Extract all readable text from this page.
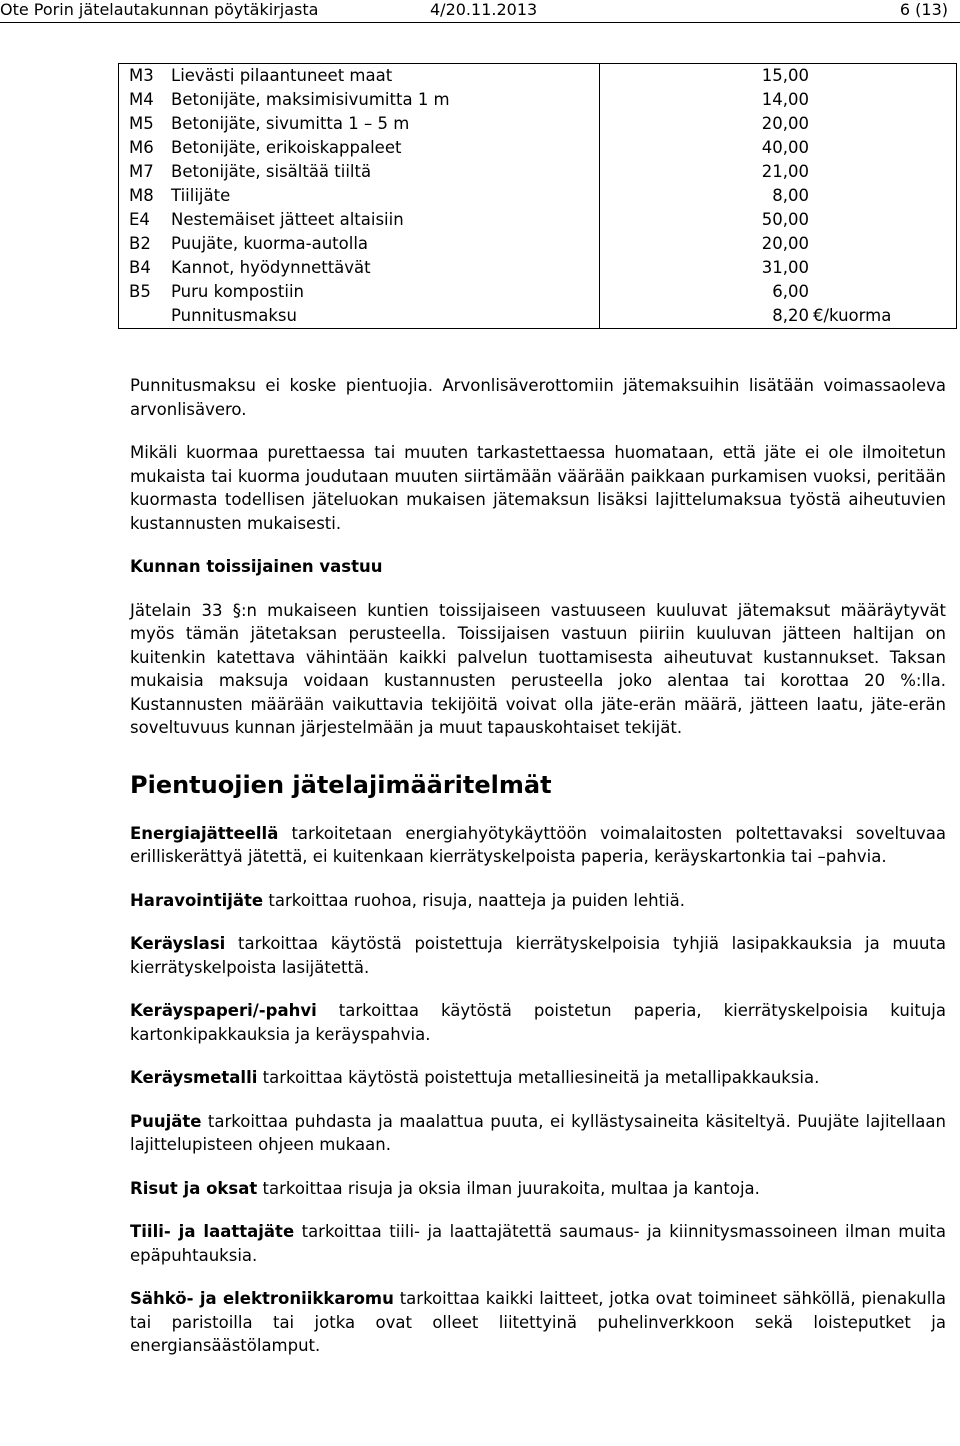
Ote Porin jätelautakunnan pöytäkirjasta	4/20.11.2013	6 (13)
M3 Lievästi pilaantuneet maat	15,00	
M4 Betonijäte, maksimisivumitta 1 m	14,00	
M5 Betonijäte, sivumitta 1 – 5 m	20,00	
M6 Betonijäte, erikoiskappaleet	40,00	
M7 Betonijäte, sisältää tiiltä	21,00	
M8 Tiilijäte	8,00	
E4 Nestemäiset jätteet altaisiin	50,00	
B2 Puujäte, kuorma-autolla	20,00	
B4 Kannot, hyödynnettävät	31,00	
B5 Puru kompostiin	6,00	
Punnitusmaksu	8,20	€/kuorma

Punnitusmaksu ei koske pientuojia. Arvonlisäverottomiin jätemaksuihin lisätään voimassaoleva arvonlisävero.

Mikäli kuormaa purettaessa tai muuten tarkastettaessa huomataan, että jäte ei ole ilmoitetun mukaista tai kuorma joudutaan muuten siirtämään väärään paikkaan purkamisen vuoksi, peritään kuormasta todellisen jäteluokan mukaisen jätemaksun lisäksi lajittelumaksua työstä aiheutuvien kustannusten mukaisesti.

Kunnan toissijainen vastuu

Jätelain 33 §:n mukaiseen kuntien toissijaiseen vastuuseen kuuluvat jätemaksut määräytyvät myös tämän jätetaksan perusteella. Toissijaisen vastuun piiriin kuuluvan jätteen haltijan on kuitenkin katettava vähintään kaikki palvelun tuottamisesta aiheutuvat kustannukset. Taksan mukaisia maksuja voidaan kustannusten perusteella joko alentaa tai korottaa 20 %:lla. Kustannusten määrään vaikuttavia tekijöitä voivat olla jäte-erän määrä, jätteen laatu, jäte-erän soveltuvuus kunnan järjestelmään ja muut tapauskohtaiset tekijät.

Pientuojien jätelajimääritelmät

Energiajätteellä tarkoitetaan energiahyötykäyttöön voimalaitosten poltettavaksi soveltuvaa erilliskerättyä jätettä, ei kuitenkaan kierrätyskelpoista paperia, keräyskartonkia tai –pahvia.

Haravointijäte tarkoittaa ruohoa, risuja, naatteja ja puiden lehtiä.

Keräyslasi tarkoittaa käytöstä poistettuja kierrätyskelpoisia tyhjiä lasipakkauksia ja muuta kierrätyskelpoista lasijätettä.

Keräyspaperi/-pahvi tarkoittaa käytöstä poistetun paperia, kierrätyskelpoisia kuituja kartonkipakkauksia ja keräyspahvia.

Keräysmetalli tarkoittaa käytöstä poistettuja metalliesineitä ja metallipakkauksia.

Puujäte tarkoittaa puhdasta ja maalattua puuta, ei kyllästysaineita käsiteltyä. Puujäte lajitellaan lajittelupisteen ohjeen mukaan.

Risut ja oksat tarkoittaa risuja ja oksia ilman juurakoita, multaa ja kantoja.

Tiili- ja laattajäte tarkoittaa tiili- ja laattajätettä saumaus- ja kiinnitysmassoineen ilman muita epäpuhtauksia.

Sähkö- ja elektroniikkaromu tarkoittaa kaikki laitteet, jotka ovat toimineet sähköllä, pienakulla tai paristoilla tai jotka ovat olleet liitettyinä puhelinverkkoon sekä loisteputket ja energiansäästölamput.
